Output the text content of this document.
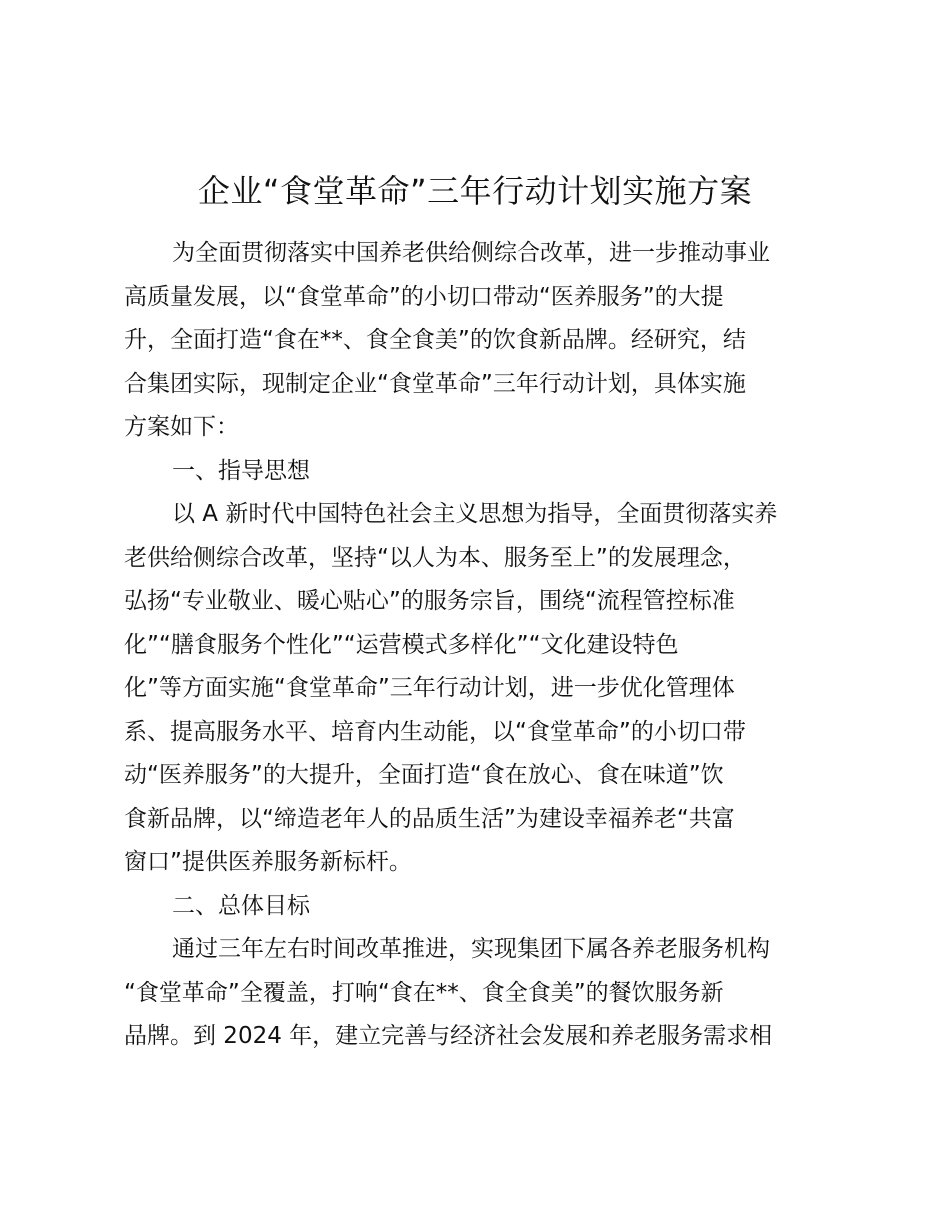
企业“食堂革命”三年行动计划实施方案
为全面贯彻落实中国养老供给侧综合改革，进一步推动事业
高质量发展，以“食堂革命”的小切口带动“医养服务”的大提
升，全面打造“食在**、食全食美”的饮食新品牌。经研究，结
合集团实际，现制定企业“食堂革命”三年行动计划，具体实施
方案如下：
一、指导思想
以 A 新时代中国特色社会主义思想为指导，全面贯彻落实养
老供给侧综合改革，坚持“以人为本、服务至上”的发展理念，
弘扬“专业敬业、暖心贴心”的服务宗旨，围绕“流程管控标准
化”“膳食服务个性化”“运营模式多样化”“文化建设特色
化”等方面实施“食堂革命”三年行动计划，进一步优化管理体
系、提高服务水平、培育内生动能，以“食堂革命”的小切口带
动“医养服务”的大提升，全面打造“食在放心、食在味道”饮
食新品牌，以“缔造老年人的品质生活”为建设幸福养老“共富
窗口”提供医养服务新标杆。
二、总体目标
通过三年左右时间改革推进，实现集团下属各养老服务机构
“食堂革命”全覆盖，打响“食在**、食全食美”的餐饮服务新
品牌。到 2024 年，建立完善与经济社会发展和养老服务需求相
